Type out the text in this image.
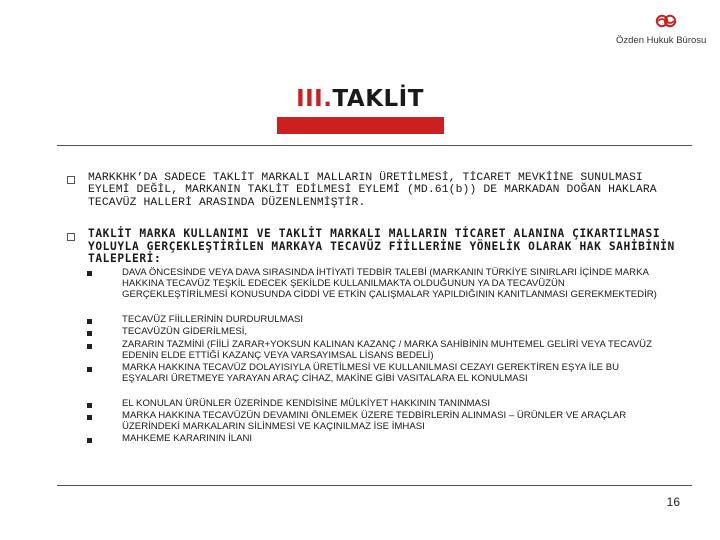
Özden Hukuk Bürosu
III.TAKLİT
MARKKHK’DA SADECE TAKLİT MARKALI MALLARIN ÜRETİLMESİ, TİCARET MEVKİİNE SUNULMASI EYLEMİ DEĞİL, MARKANIN TAKLİT EDİLMESİ EYLEMİ (MD.61(b)) DE MARKADAN DOĞAN HAKLARA TECAVÜZ HALLERİ ARASINDA DÜZENLENMİŞTİR.
TAKLİT MARKA KULLANIMI VE TAKLİT MARKALI MALLARIN TİCARET ALANINA ÇIKARTILMASI YOLUYLA GERÇEKLEŞTİRİLEN MARKAYA TECAVÜZ FİİLLERİNE YÖNELİK OLARAK HAK SAHİBİNİN TALEPLERİ:
DAVA ÖNCESİNDE VEYA DAVA SIRASINDA İHTİYATİ TEDBİR TALEBİ (MARKANIN TÜRKİYE SINIRLARI İÇİNDE MARKA HAKKINA TECAVÜZ TEŞKİL EDECEK ŞEKİLDE KULLANILMAKTA OLDUĞUNUN YA DA TECAVÜZÜN GERÇEKLEŞTİRİLMESİ KONUSUNDA CİDDİ VE ETKİN ÇALIŞMALAR YAPILDIĞININ KANITLANMASI GEREKMEKTEDİR)
TECAVÜZ FİİLLERİNİN DURDURULMASI
TECAVÜZÜN GİDERİLMESİ,
ZARARIN TAZMİNİ (FİİLİ ZARAR+YOKSUN KALINAN KAZANÇ / MARKA SAHİBİNİN MUHTEMEL GELİRİ VEYA TECAVÜZ EDENİN ELDE ETTİĞİ KAZANÇ VEYA VARSAYIMSAL LİSANS BEDELİ)
MARKA HAKKINA TECAVÜZ DOLAYISIYLA ÜRETİLMESİ VE KULLANILMASI CEZAYI GEREKTİREN EŞYA İLE BU EŞYALARI ÜRETMEYE YARAYAN ARAÇ CİHAZ, MAKİNE GİBİ VASITALARA EL KONULMASI
EL KONULAN ÜRÜNLER ÜZERİNDE KENDİSİNE MÜLKİYET HAKKININ TANINMASI
MARKA HAKKINA TECAVÜZÜN DEVAMINI ÖNLEMEK ÜZERE TEDBİRLERİN ALINMASI – ÜRÜNLER VE ARAÇLAR ÜZERİNDEKİ MARKALARIN SİLİNMESİ VE KAÇINILMAZ İSE İMHASI
MAHKEME KARARININ İLANI
16
